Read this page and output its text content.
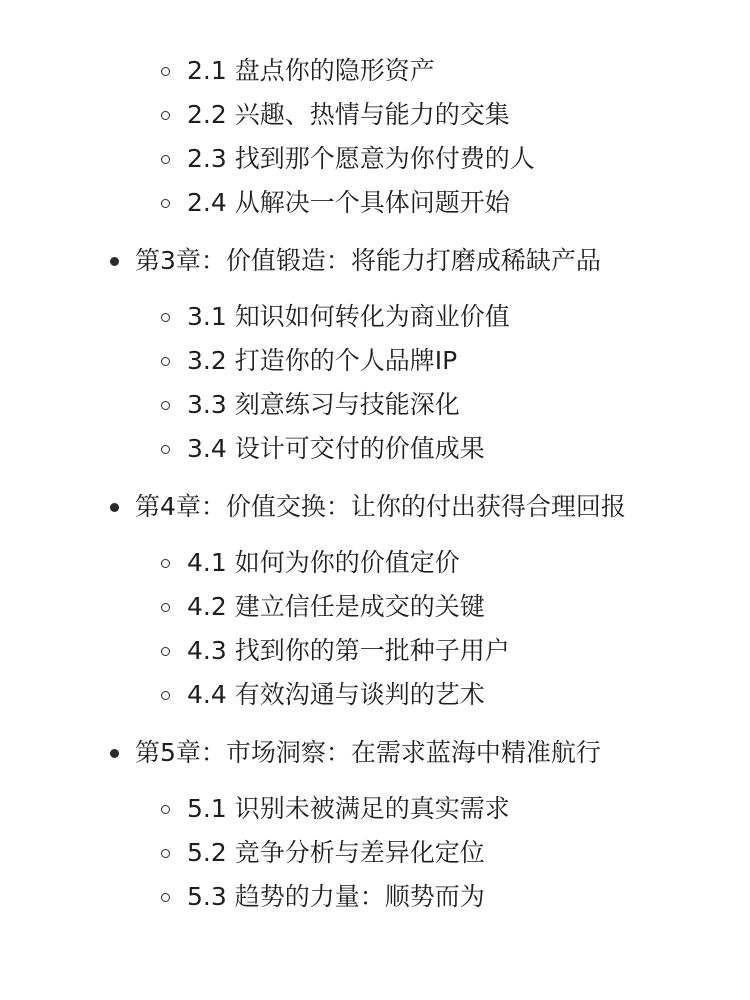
2.1 盘点你的隐形资产
2.2 兴趣、热情与能力的交集
2.3 找到那个愿意为你付费的人
2.4 从解决一个具体问题开始
第3章：价值锻造：将能力打磨成稀缺产品
3.1 知识如何转化为商业价值
3.2 打造你的个人品牌IP
3.3 刻意练习与技能深化
3.4 设计可交付的价值成果
第4章：价值交换：让你的付出获得合理回报
4.1 如何为你的价值定价
4.2 建立信任是成交的关键
4.3 找到你的第一批种子用户
4.4 有效沟通与谈判的艺术
第5章：市场洞察：在需求蓝海中精准航行
5.1 识别未被满足的真实需求
5.2 竞争分析与差异化定位
5.3 趋势的力量：顺势而为
